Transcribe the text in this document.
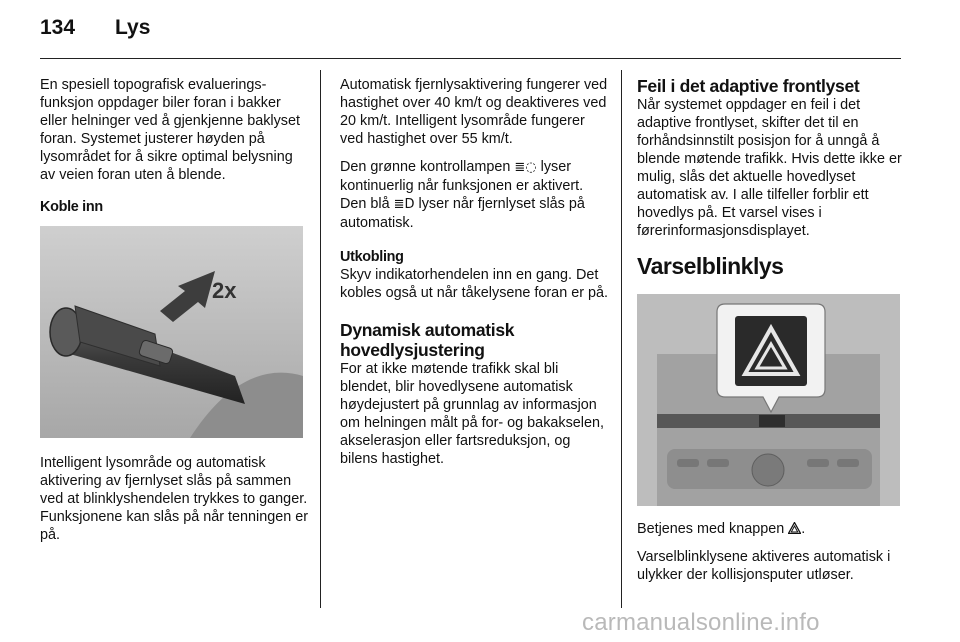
134 Lys

En spesiell topografisk evalueringsfunksjon oppdager biler foran i bakker eller helninger ved å gjenkjenne baklyset foran. Systemet justerer høyden på lysområdet for å sikre optimal belysning av veien foran uten å blende.

Koble inn
2x

Intelligent lysområde og automatisk aktivering av fjernlyset slås på sammen ved at blinklyshendelen trykkes to ganger. Funksjonene kan slås på når tenningen er på.

Automatisk fjernlysaktivering fungerer ved hastighet over 40 km/t og deaktiveres ved 20 km/t. Intelligent lysområde fungerer ved hastighet over 55 km/t.

Den grønne kontrollampen ≣◌ lyser kontinuerlig når funksjonen er aktivert. Den blå ≣D lyser når fjernlyset slås på automatisk.

Utkobling

Skyv indikatorhendelen inn en gang. Det kobles også ut når tåkelysene foran er på.

Dynamisk automatisk hovedlysjustering

For at ikke møtende trafikk skal bli blendet, blir hovedlysene automatisk høydejustert på grunnlag av informasjon om helningen målt på for- og bakakselen, akselerasjon eller fartsreduksjon, og bilens hastighet.

Feil i det adaptive frontlyset

Når systemet oppdager en feil i det adaptive frontlyset, skifter det til en forhåndsinnstilt posisjon for å unngå å blende møtende trafikk. Hvis dette ikke er mulig, slås det aktuelle hovedlyset automatisk av. I alle tilfeller forblir ett hovedlys på. Et varsel vises i førerinformasjonsdisplayet.

Varselblinklys

Betjenes med knappen .

Varselblinklysene aktiveres automatisk i ulykker der kollisjonsputer utløser.

carmanualsonline.info
